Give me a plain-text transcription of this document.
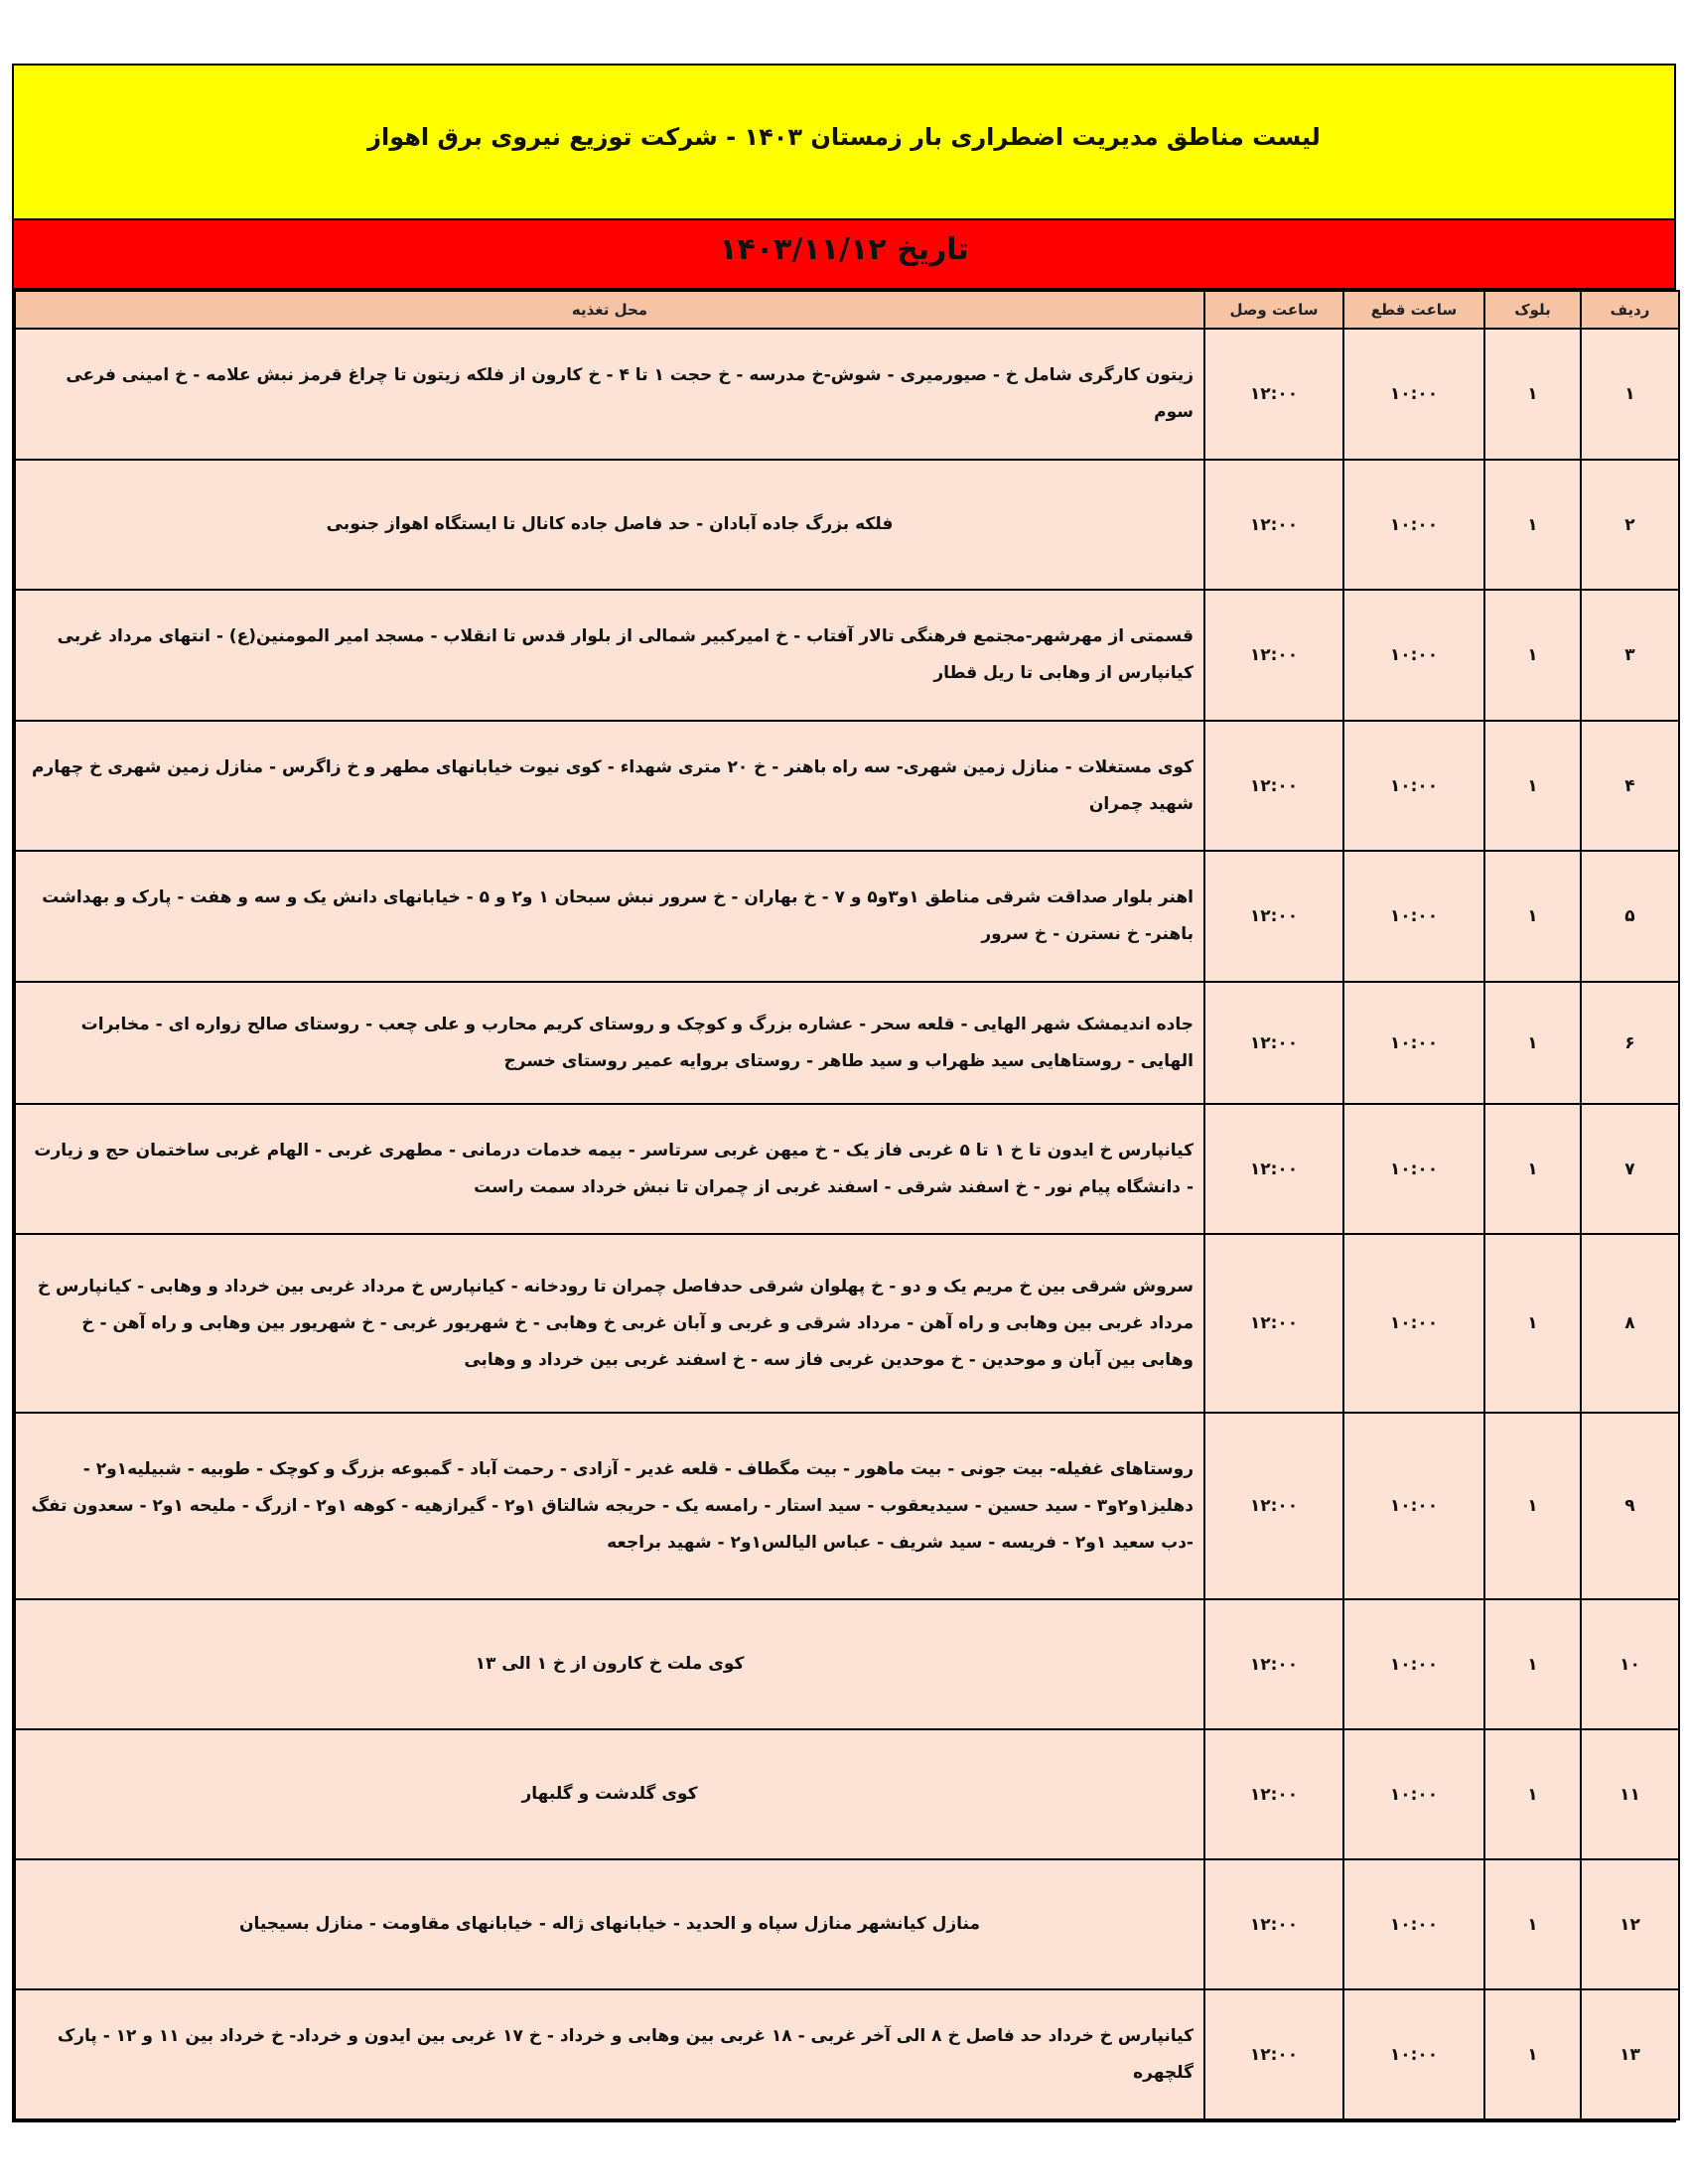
لیست مناطق مدیریت اضطراری بار زمستان ۱۴۰۳ - شرکت توزیع نیروی برق اهواز
تاریخ ۱۴۰۳/۱۱/۱۲
ردیف	بلوک	ساعت قطع	ساعت وصل	محل تغذیه
۱	۱	۱۰:۰۰	۱۲:۰۰	زیتون کارگری شامل خ - صیورمیری - شوش-خ مدرسه - خ حجت ۱ تا ۴ - خ کارون از فلکه زیتون تا چراغ قرمز نبش علامه - خ امینی فرعی سوم
۲	۱	۱۰:۰۰	۱۲:۰۰	فلکه بزرگ جاده آبادان - حد فاصل جاده کانال تا ایستگاه اهواز جنوبی
۳	۱	۱۰:۰۰	۱۲:۰۰	قسمتی از مهرشهر-مجتمع فرهنگی تالار آفتاب - خ امیرکبیر شمالی از بلوار قدس تا انقلاب - مسجد امیر المومنین(ع) - انتهای مرداد غربی کیانپارس از وهابی تا ریل قطار
۴	۱	۱۰:۰۰	۱۲:۰۰	کوی مستغلات - منازل زمین شهری- سه راه باهنر - خ ۲۰ متری شهداء - کوی نیوت خیابانهای مطهر و خ زاگرس - منازل زمین شهری خ چهارم شهید چمران
۵	۱	۱۰:۰۰	۱۲:۰۰	اهنر بلوار صداقت شرقی مناطق ۱و۳و۵ و ۷ - خ بهاران - خ سرور نبش سبحان ۱ و۲ و ۵ - خیابانهای دانش یک و سه و هفت - پارک و بهداشت باهنر- خ نسترن - خ سرور
۶	۱	۱۰:۰۰	۱۲:۰۰	جاده اندیمشک شهر الهایی - قلعه سحر - عشاره بزرگ و کوچک و روستای کریم محارب و علی چعب - روستای صالح زواره ای - مخابرات الهایی - روستاهایی سید ظهراب و سید طاهر - روستای بروایه عمیر روستای خسرج
۷	۱	۱۰:۰۰	۱۲:۰۰	کیانپارس خ ایدون تا خ ۱ تا ۵ غربی فاز یک - خ میهن غربی سرتاسر - بیمه خدمات درمانی - مطهری غربی - الهام غربی ساختمان حج و زیارت - دانشگاه پیام نور - خ اسفند شرقی - اسفند غربی از چمران تا نبش خرداد سمت راست
۸	۱	۱۰:۰۰	۱۲:۰۰	سروش شرقی بین خ مریم یک و دو - خ پهلوان شرقی حدفاصل چمران تا رودخانه - کیانپارس خ مرداد غربی بین خرداد و وهابی - کیانپارس خ مرداد غربی بین وهابی و راه آهن - مرداد شرقی و غربی و آبان غربی خ وهابی - خ شهریور غربی - خ شهریور بین وهابی و راه آهن - خ وهابی بین آبان و موحدین - خ موحدین غربی فاز سه - خ اسفند غربی بین خرداد و وهابی
۹	۱	۱۰:۰۰	۱۲:۰۰	روستاهای غفیله- بیت جونی - بیت ماهور - بیت مگطاف - قلعه غدیر - آزادی - رحمت آباد - گمبوعه بزرگ و کوچک - طوبیه - شبیلیه۱و۲ - دهلیز۱و۲و۳ - سید حسین - سیدیعقوب - سید استار - رامسه یک - حریجه شالتاق ۱و۲ - گیرازهیه - کوهه ۱و۲ - ازرگ - ملیحه ۱و۲ - سعدون تفگ -دب سعید ۱و۲ - فریسه - سید شریف - عباس الیالس۱و۲ - شهید براجعه
۱۰	۱	۱۰:۰۰	۱۲:۰۰	کوی ملت خ کارون از خ ۱ الی ۱۳
۱۱	۱	۱۰:۰۰	۱۲:۰۰	کوی گلدشت و گلبهار
۱۲	۱	۱۰:۰۰	۱۲:۰۰	منازل کیانشهر منازل سپاه و الحدید - خیابانهای ژاله - خیابانهای مقاومت - منازل بسیجیان
۱۳	۱	۱۰:۰۰	۱۲:۰۰	کیانپارس خ خرداد حد فاصل خ ۸ الی آخر غربی - ۱۸ غربی بین وهابی و خرداد - خ ۱۷ غربی بین ایدون و خرداد- خ خرداد بین ۱۱ و ۱۲ - پارک گلچهره
